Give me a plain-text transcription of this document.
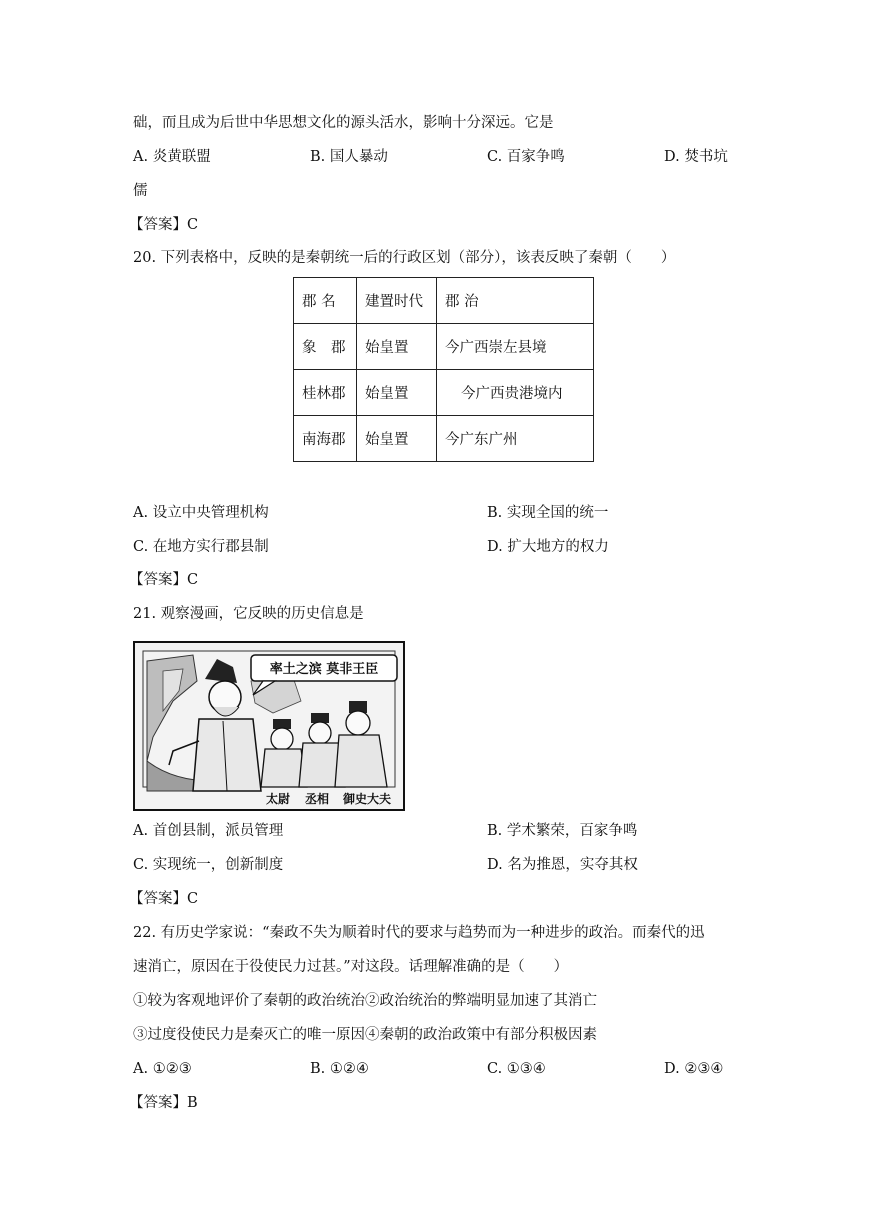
础，而且成为后世中华思想文化的源头活水，影响十分深远。它是
A. 炎黄联盟	B. 国人暴动	C. 百家争鸣	D. 焚书坑
儒
【答案】C
20. 下列表格中，反映的是秦朝统一后的行政区划（部分），该表反映了秦朝（　　）
郡 名	建置时代	郡 治
象　郡	始皇置	今广西崇左县境
桂林郡	始皇置	今广西贵港境内
南海郡	始皇置	今广东广州
A. 设立中央管理机构	B. 实现全国的统一
C. 在地方实行郡县制	D. 扩大地方的权力
【答案】C
21. 观察漫画，它反映的历史信息是
率土之滨 莫非王臣
太尉 丞相 御史大夫
A. 首创县制，派员管理	B. 学术繁荣，百家争鸣
C. 实现统一，创新制度	D. 名为推恩，实夺其权
【答案】C
22. 有历史学家说：“秦政不失为顺着时代的要求与趋势而为一种进步的政治。而秦代的迅
速消亡，原因在于役使民力过甚。”对这段。话理解准确的是（　　）
①较为客观地评价了秦朝的政治统治②政治统治的弊端明显加速了其消亡
③过度役使民力是秦灭亡的唯一原因④秦朝的政治政策中有部分积极因素
A. ①②③	B. ①②④	C. ①③④	D. ②③④
【答案】B
